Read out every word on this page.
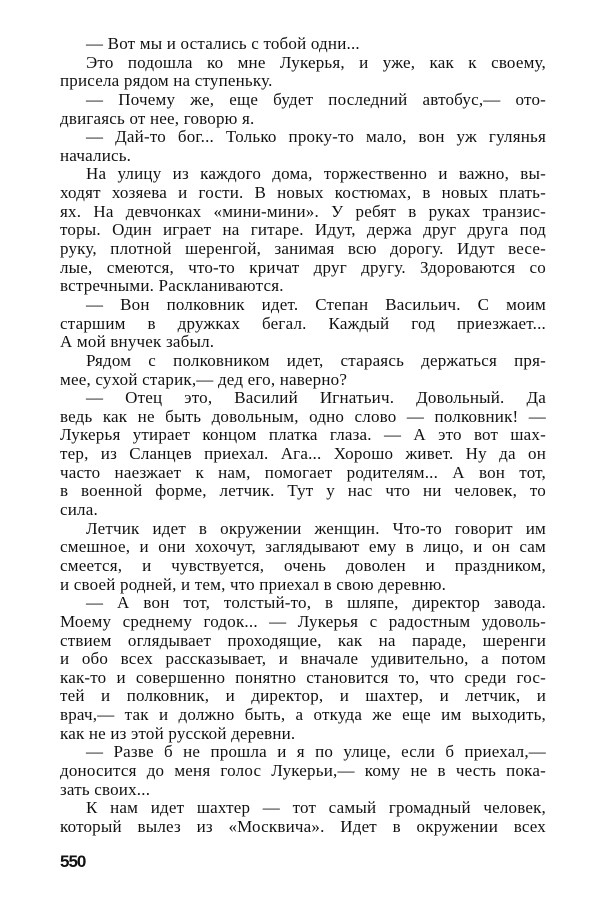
— Вот мы и остались с тобой одни...
Это подошла ко мне Лукерья, и уже, как к своему,
присела рядом на ступеньку.
— Почему же, еще будет последний автобус,— ото-
двигаясь от нее, говорю я.
— Дай-то бог... Только проку-то мало, вон уж гулянья
начались.
На улицу из каждого дома, торжественно и важно, вы-
ходят хозяева и гости. В новых костюмах, в новых плать-
ях. На девчонках «мини-мини». У ребят в руках транзис-
торы. Один играет на гитаре. Идут, держа друг друга под
руку, плотной шеренгой, занимая всю дорогу. Идут весе-
лые, смеются, что-то кричат друг другу. Здороваются со
встречными. Раскланиваются.
— Вон полковник идет. Степан Васильич. С моим
старшим в дружках бегал. Каждый год приезжает...
А мой внучек забыл.
Рядом с полковником идет, стараясь держаться пря-
мее, сухой старик,— дед его, наверно?
— Отец это, Василий Игнатьич. Довольный. Да
ведь как не быть довольным, одно слово — полковник! —
Лукерья утирает концом платка глаза. — А это вот шах-
тер, из Сланцев приехал. Ага... Хорошо живет. Ну да он
часто наезжает к нам, помогает родителям... А вон тот,
в военной форме, летчик. Тут у нас что ни человек, то
сила.
Летчик идет в окружении женщин. Что-то говорит им
смешное, и они хохочут, заглядывают ему в лицо, и он сам
смеется, и чувствуется, очень доволен и праздником,
и своей родней, и тем, что приехал в свою деревню.
— А вон тот, толстый-то, в шляпе, директор завода.
Моему среднему годок... — Лукерья с радостным удоволь-
ствием оглядывает проходящие, как на параде, шеренги
и обо всех рассказывает, и вначале удивительно, а потом
как-то и совершенно понятно становится то, что среди гос-
тей и полковник, и директор, и шахтер, и летчик, и
врач,— так и должно быть, а откуда же еще им выходить,
как не из этой русской деревни.
— Разве б не прошла и я по улице, если б приехал,—
доносится до меня голос Лукерьи,— кому не в честь пока-
зать своих...
К нам идет шахтер — тот самый громадный человек,
который вылез из «Москвича». Идет в окружении всех
550
